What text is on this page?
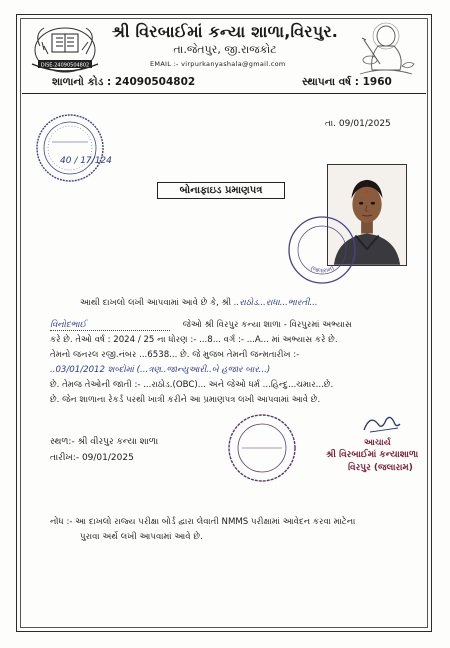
DISE-24090504802
શ્રી વિરબાઈમાં કન્યા શાળા,વિરપુર.
તા.જેતપુર, જી.રાજકોટ
EMAIL :- virpurkanyashala@gmail.com
શાળાનો કોડ : 24090504802	સ્થાપના વર્ષ : 1960
તા. 09/01/2025
40 / 17/124
બોનાફાઇડ પ્રમાણપત્ર
(જલારામ)
આથી દાખલો લખી આપવામાં આવે છે કે, શ્રી ..રાઠોડ...રાધા...ભારતી...
વિનોદભાઈ	જેઓ શ્રી વિરપુર કન્યા શાળા - વિરપુરમાં અભ્યાસ
કરે છે. તેઓ વર્ષ : 2024 / 25 ના ધોરણ :- ...8... વર્ગ :- ...A... માં અભ્યાસ કરે છે.
તેમનો જનરલ રજી.નંબર ...6538... છે. જે મુજબ તેમની જન્મતારીખ :-
..03/01/2012 શબ્દોમાં (...ત્રણ..જાન્યુઆરી..બે હજાર બાર...)
છે. તેમજ તેઓની જાતી :- ...રાઠોડ.(OBC)... અને જેઓ ધર્મ ...હિન્દુ...ચમાર...છે.
છે. જેન શાળાના રેકર્ડ પરથી ખાત્રી કરીને આ પ્રમાણપત્ર લખી આપવામાં આવે છે.
સ્થળ:- શ્રી વીરપુર કન્યા શાળા
તારીખ:- 09/01/2025
આચાર્ય
શ્રી વિરબાઈમાં કન્યાશાળા
વિરપુર (જલારામ)
નોંધ :- આ દાખલો રાજ્ય પરીક્ષા બોર્ડ દ્વારા લેવાતી NMMS પરીક્ષામાં આવેદન કરવા માટેના
પુરાવા અર્થે લખી આપવામાં આવે છે.
